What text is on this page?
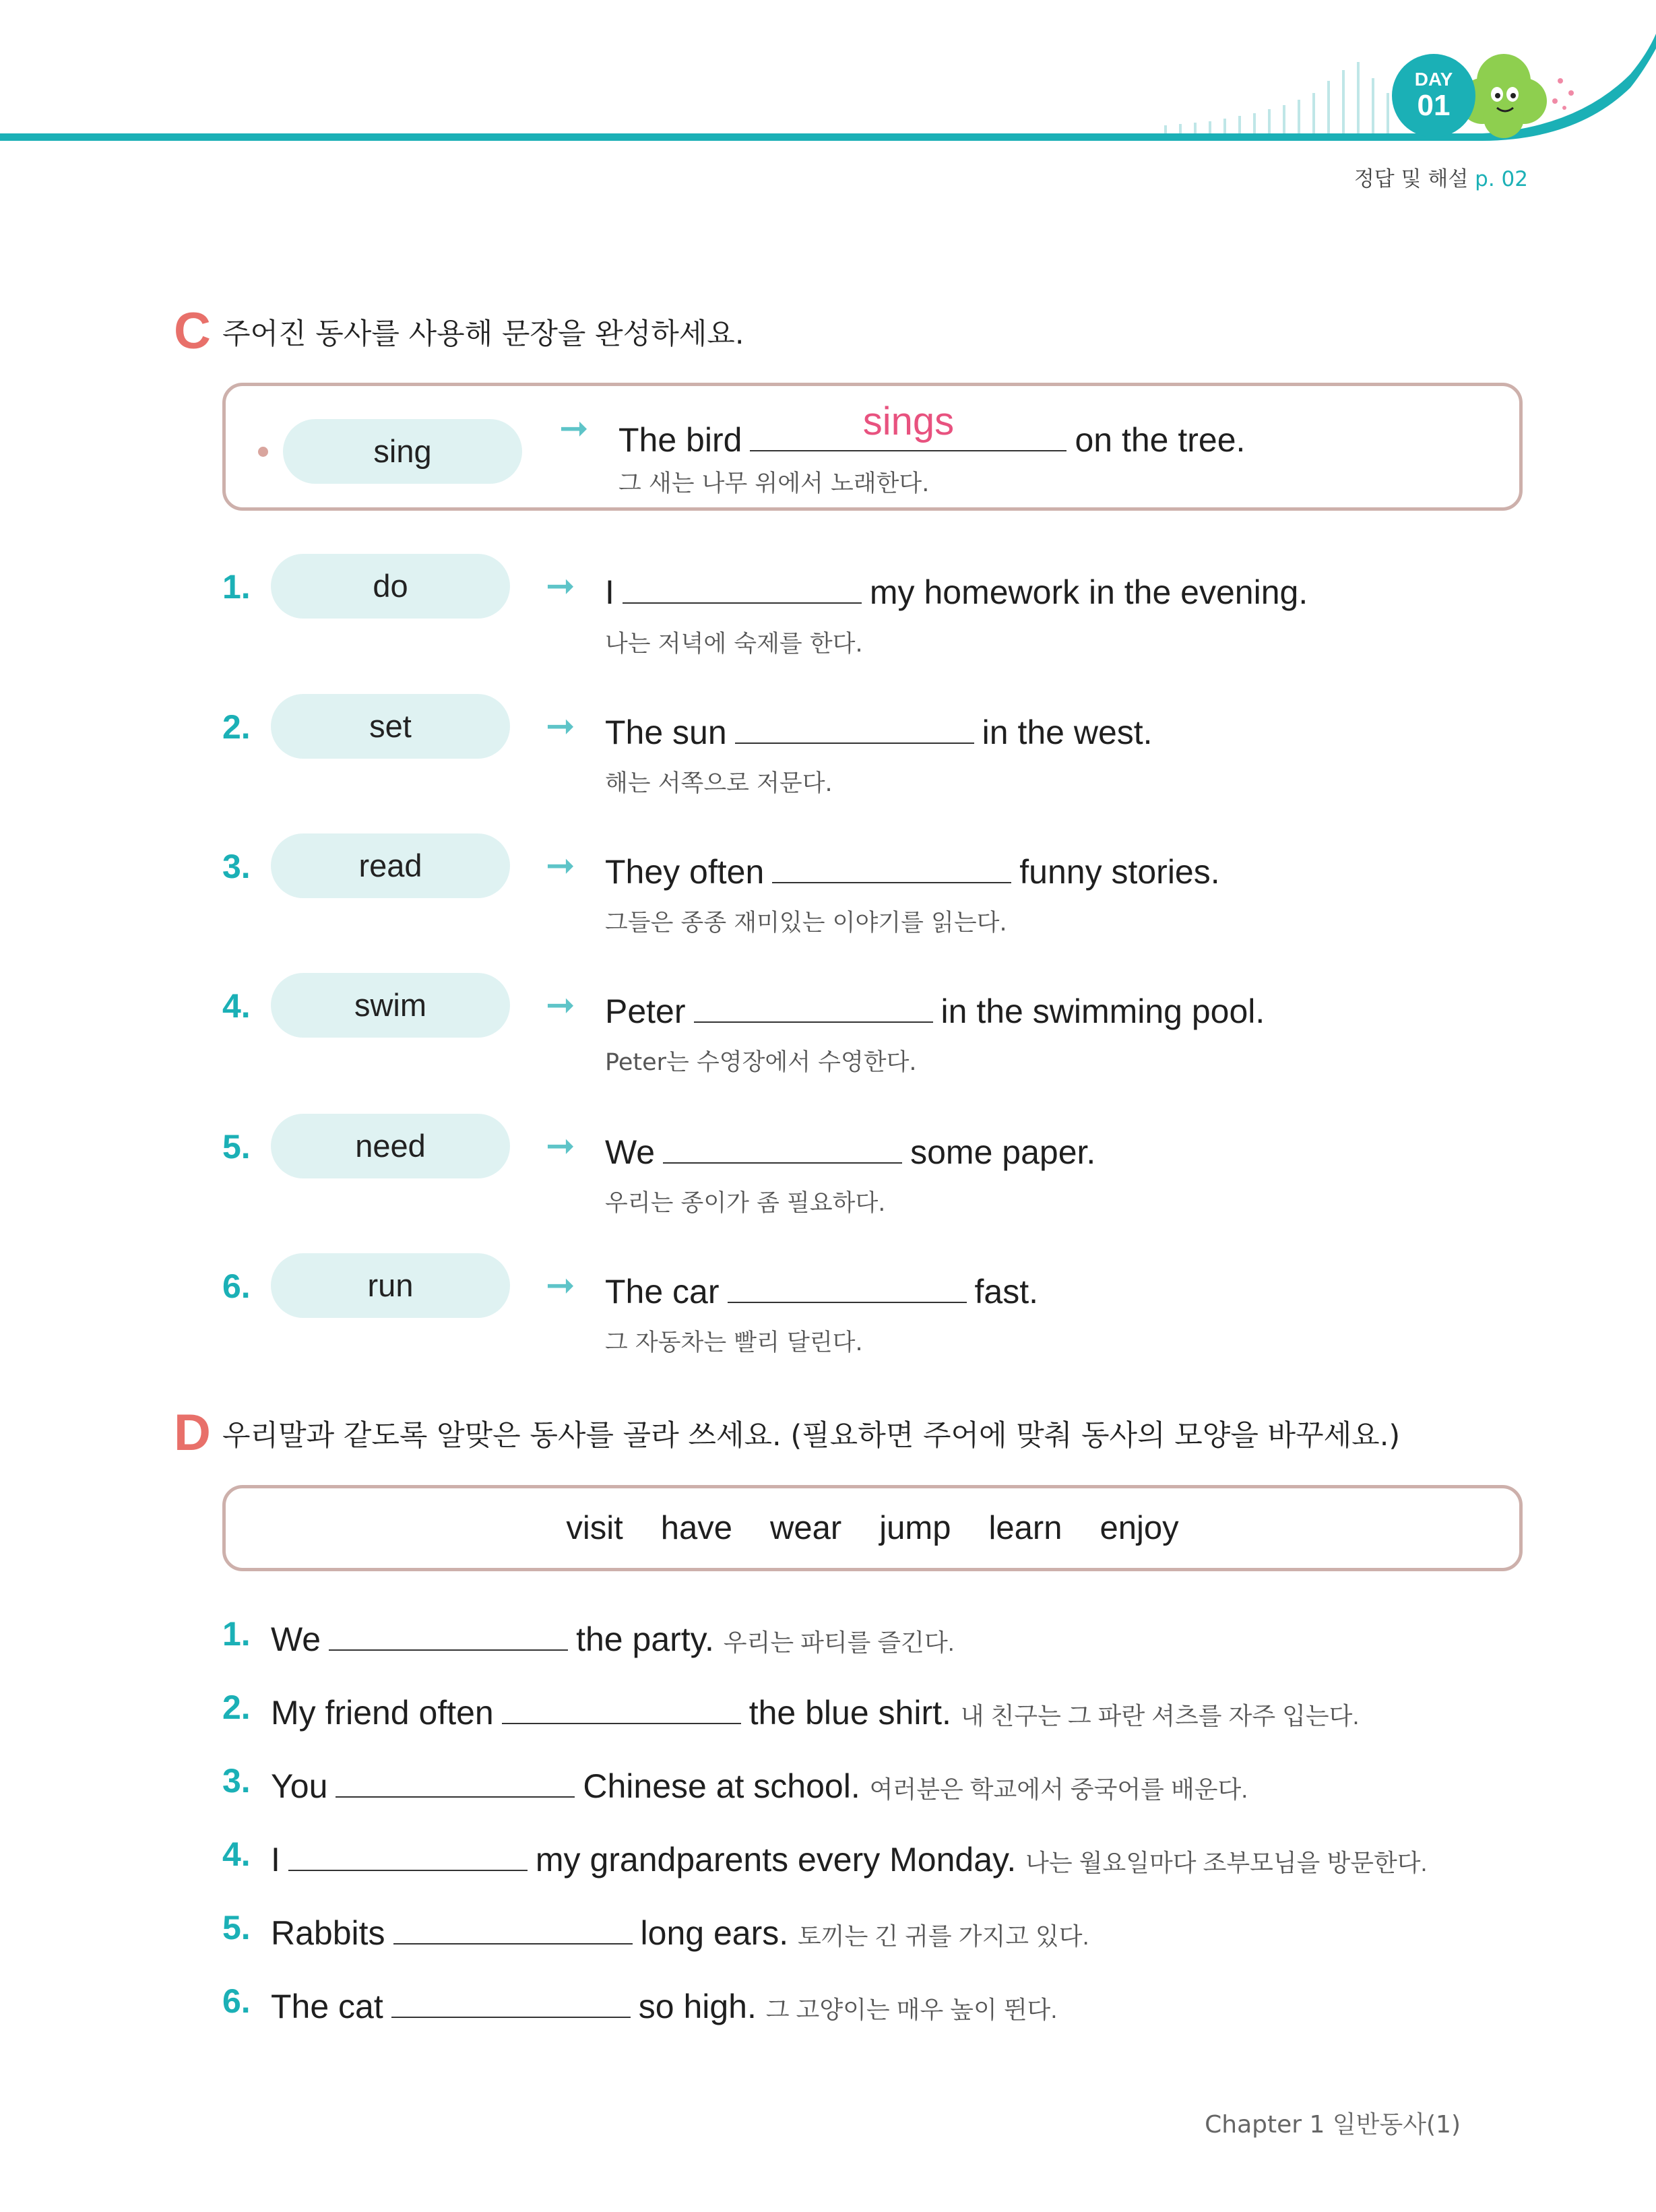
DAY
01
정답 및 해설 p. 02
C 주어진 동사를 사용해 문장을 완성하세요.
sing
➞ The bird	sings	on the tree.
그 새는 나무 위에서 노래한다.
1.	do	➞ I	my homework in the evening.
나는 저녁에 숙제를 한다.
2.	set	➞ The sun	in the west.
해는 서쪽으로 저문다.
3.	read	➞ They often	funny stories.
그들은 종종 재미있는 이야기를 읽는다.
4.	swim	➞ Peter	in the swimming pool.
Peter는 수영장에서 수영한다.
5.	need	➞ We	some paper.
우리는 종이가 좀 필요하다.
6.	run	➞ The car	fast.
그 자동차는 빨리 달린다.
D 우리말과 같도록 알맞은 동사를 골라 쓰세요. (필요하면 주어에 맞춰 동사의 모양을 바꾸세요.)
visit have wear jump learn enjoy
1. We	the party. 우리는 파티를 즐긴다.
2. My friend often	the blue shirt. 내 친구는 그 파란 셔츠를 자주 입는다.
3. You	Chinese at school. 여러분은 학교에서 중국어를 배운다.
4. I	my grandparents every Monday. 나는 월요일마다 조부모님을 방문한다.
5. Rabbits	long ears. 토끼는 긴 귀를 가지고 있다.
6. The cat	so high. 그 고양이는 매우 높이 뛴다.
Chapter 1 일반동사(1)
